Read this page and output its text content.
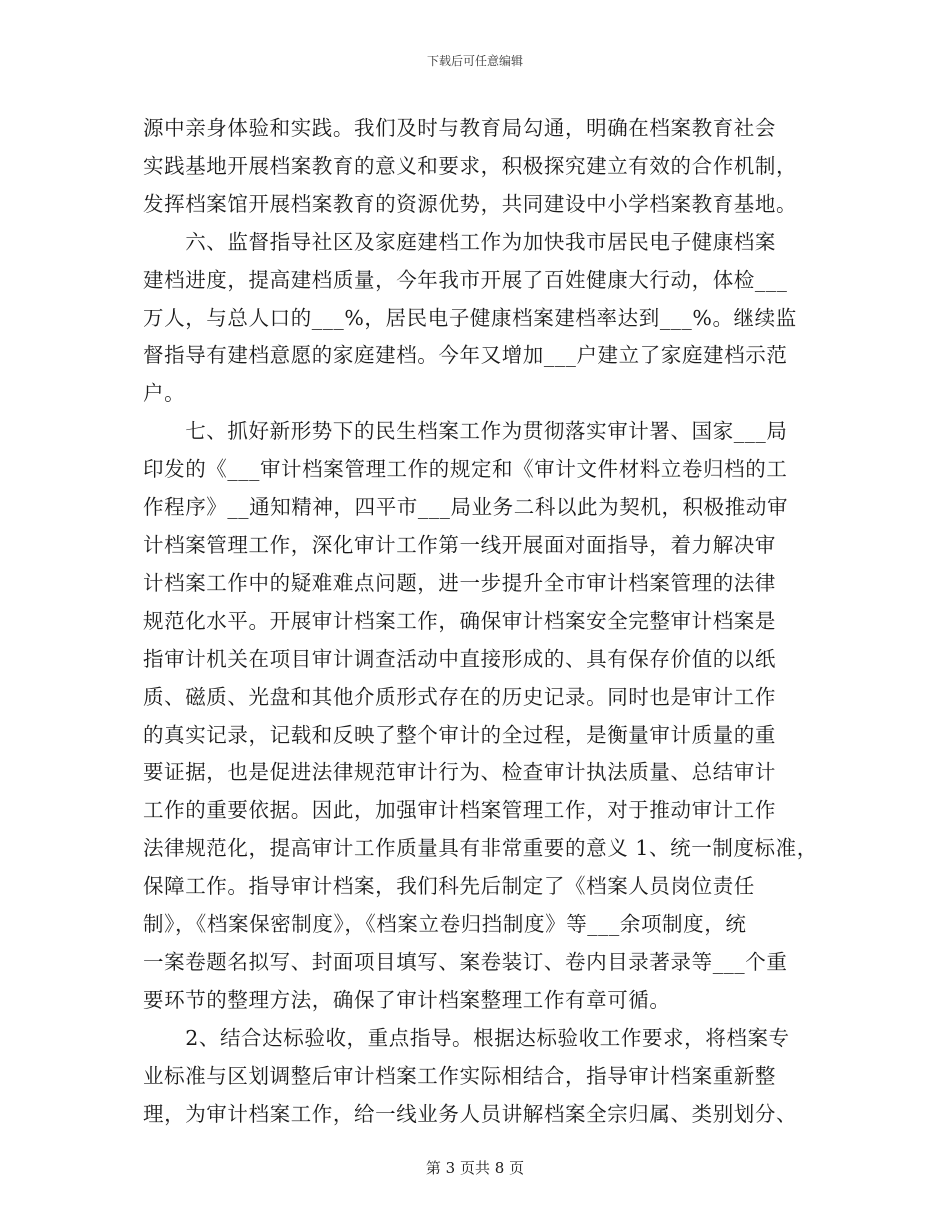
下载后可任意编辑

源中亲身体验和实践。我们及时与教育局勾通，明确在档案教育社会
实践基地开展档案教育的意义和要求，积极探究建立有效的合作机制，
发挥档案馆开展档案教育的资源优势，共同建设中小学档案教育基地。

　　六、监督指导社区及家庭建档工作为加快我市居民电子健康档案
建档进度，提高建档质量，今年我市开展了百姓健康大行动，体检___
万人，与总人口的___%，居民电子健康档案建档率达到___%。继续监
督指导有建档意愿的家庭建档。今年又增加___户建立了家庭建档示范
户。

　　七、抓好新形势下的民生档案工作为贯彻落实审计署、国家___局
印发的《___审计档案管理工作的规定和《审计文件材料立卷归档的工
作程序》__通知精神，四平市___局业务二科以此为契机，积极推动审
计档案管理工作，深化审计工作第一线开展面对面指导，着力解决审
计档案工作中的疑难难点问题，进一步提升全市审计档案管理的法律
规范化水平。开展审计档案工作，确保审计档案安全完整审计档案是
指审计机关在项目审计调查活动中直接形成的、具有保存价值的以纸
质、磁质、光盘和其他介质形式存在的历史记录。同时也是审计工作
的真实记录，记载和反映了整个审计的全过程，是衡量审计质量的重
要证据，也是促进法律规范审计行为、检查审计执法质量、总结审计
工作的重要依据。因此，加强审计档案管理工作，对于推动审计工作
法律规范化，提高审计工作质量具有非常重要的意义 1、统一制度标准，
保障工作。指导审计档案，我们科先后制定了《档案人员岗位责任
制》，《档案保密制度》，《档案立卷归挡制度》等___余项制度，统
一案卷题名拟写、封面项目填写、案卷装订、卷内目录著录等___个重
要环节的整理方法，确保了审计档案整理工作有章可循。

　　2、结合达标验收，重点指导。根据达标验收工作要求，将档案专
业标准与区划调整后审计档案工作实际相结合，指导审计档案重新整
理，为审计档案工作，给一线业务人员讲解档案全宗归属、类别划分、

第 3 页共 8 页
